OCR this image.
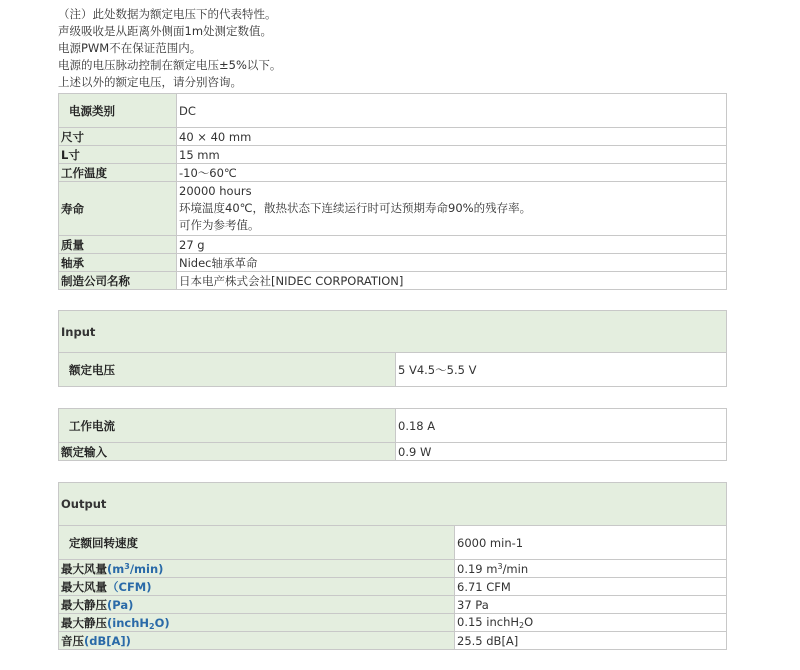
（注）此处数据为额定电压下的代表特性。
声级吸收是从距离外侧面1m处测定数值。
电源PWM不在保证范围内。
电源的电压脉动控制在额定电压±5%以下。
上述以外的额定电压，请分别咨询。
电源类别	DC
尺寸	40 × 40 mm
L寸	15 mm
工作温度	-10～60℃
寿命	20000 hours
环境温度40℃，散热状态下连续运行时可达预期寿命90%的残存率。
可作为参考值。

质量	27 g
轴承	Nidec轴承革命
制造公司名称	日本电产株式会社[NIDEC CORPORATION]
Input	
额定电压	5 V4.5～5.5 V

工作电流	0.18 A
额定输入	0.9 W
Output	
定额回转速度	6000 min-1
最大风量$(m^3/\min)$	0.19 $m^3/\min$
最大风量（CFM)	6.71 CFM
最大静压(Pa)	37 Pa
最大静压(inchH$_2$O)	0.15 inchH$_2$O
音压(dB[A])	25.5 dB[A]
